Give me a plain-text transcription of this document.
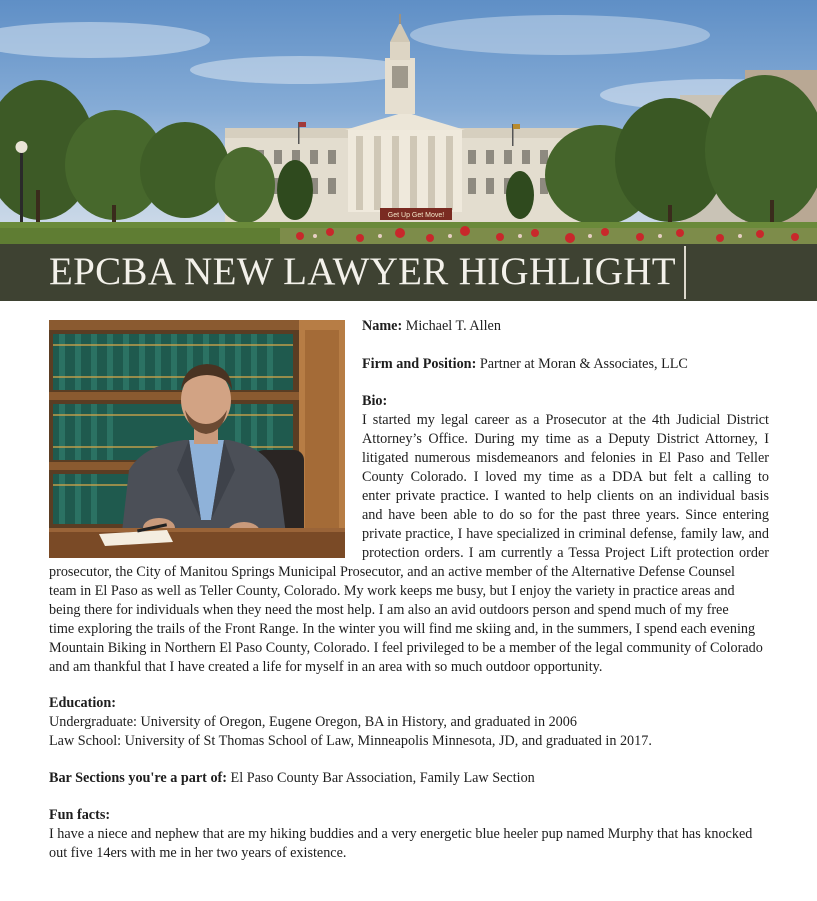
Get Up Get Move!
EPCBA NEW LAWYER HIGHLIGHT
Name: Michael T. Allen
Firm and Position: Partner at Moran & Associates, LLC
Bio:
I started my legal career as a Prosecutor at the 4th Judicial District
Attorney’s Office. During my time as a Deputy District Attorney, I
litigated numerous misdemeanors and felonies in El Paso and Teller
County Colorado. I loved my time as a DDA but felt a calling to
enter private practice. I wanted to help clients on an individual basis
and have been able to do so for the past three years. Since entering
private practice, I have specialized in criminal defense, family law, and
protection orders. I am currently a Tessa Project Lift protection order
prosecutor, the City of Manitou Springs Municipal Prosecutor, and an active member of the Alternative Defense Counsel
team in El Paso as well as Teller County, Colorado. My work keeps me busy, but I enjoy the variety in practice areas and
being there for individuals when they need the most help. I am also an avid outdoors person and spend much of my free
time exploring the trails of the Front Range. In the winter you will find me skiing and, in the summers, I spend each evening
Mountain Biking in Northern El Paso County, Colorado. I feel privileged to be a member of the legal community of Colorado
and am thankful that I have created a life for myself in an area with so much outdoor opportunity.
Education:
Undergraduate: University of Oregon, Eugene Oregon, BA in History, and graduated in 2006
Law School: University of St Thomas School of Law, Minneapolis Minnesota, JD, and graduated in 2017.
Bar Sections you're a part of: El Paso County Bar Association, Family Law Section
Fun facts:
I have a niece and nephew that are my hiking buddies and a very energetic blue heeler pup named Murphy that has knocked
out five 14ers with me in her two years of existence.
